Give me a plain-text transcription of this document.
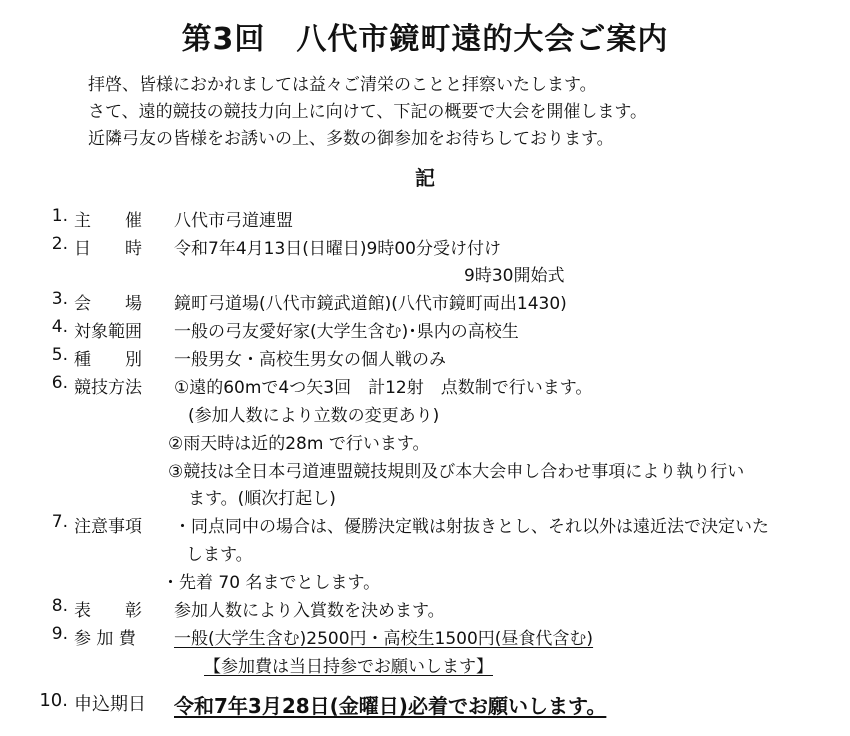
第3回　八代市鏡町遠的大会ご案内
拝啓、皆様におかれましては益々ご清栄のことと拝察いたします。
さて、遠的競技の競技力向上に向けて、下記の概要で大会を開催します。
近隣弓友の皆様をお誘いの上、多数の御参加をお待ちしております。
記
1. 主　　催 八代市弓道連盟
2. 日　　時 令和7年4月13日(日曜日)9時00分受け付け
9時30開始式
3. 会　　場 鏡町弓道場(八代市鏡武道館)(八代市鏡町両出1430)
4. 対象範囲 一般の弓友愛好家(大学生含む)･県内の高校生
5. 種　　別 一般男女・高校生男女の個人戦のみ
6. 競技方法 ①遠的60mで4つ矢3回　計12射　点数制で行います。
(参加人数により立数の変更あり)
②雨天時は近的28m で行います。
③競技は全日本弓道連盟競技規則及び本大会申し合わせ事項により執り行い
ます。(順次打起し)
7. 注意事項 ・同点同中の場合は、優勝決定戦は射抜きとし、それ以外は遠近法で決定いた
します。
・先着 70 名までとします。
8. 表　　彰 参加人数により入賞数を決めます。
9. 参 加 費 一般(大学生含む)2500円・高校生1500円(昼食代含む)
【参加費は当日持参でお願いします】
10. 申込期日 令和7年3月28日(金曜日)必着でお願いします。
